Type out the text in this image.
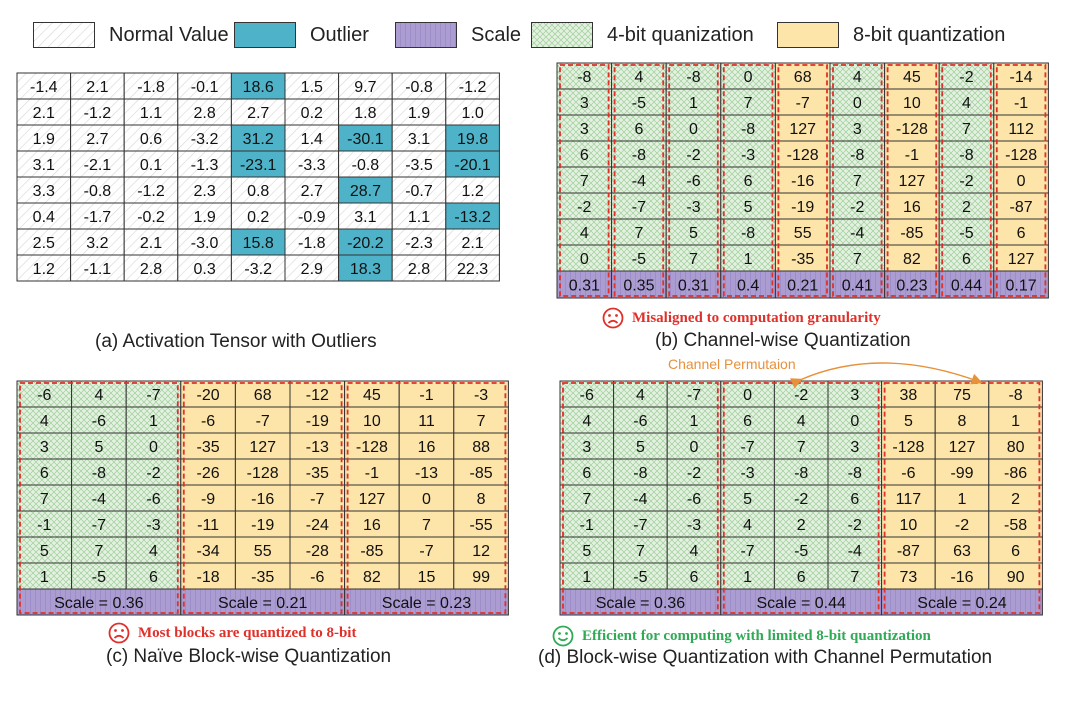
-1.4 2.1 -1.8 -0.1 18.6 1.5 9.7 -0.8 -1.2
2.1 -1.2 1.1 2.8 2.7 0.2 1.8 1.9 1.0
1.9 2.7 0.6 -3.2 31.2 1.4 -30.1 3.1 19.8
3.1 -2.1 0.1 -1.3 -23.1 -3.3 -0.8 -3.5 -20.1
3.3 -0.8 -1.2 2.3 0.8 2.7 28.7 -0.7 1.2
0.4 -1.7 -0.2 1.9 0.2 -0.9 3.1 1.1 -13.2
2.5 3.2 2.1 -3.0 15.8 -1.8 -20.2 -2.3 2.1
1.2 -1.1 2.8 0.3 -3.2 2.9 18.3 2.8 22.3
-8	4	-8	0	68	4	45 -2 -14
3	-5	1	7	-7	0	10	4	-1
3	6	0	-8 127 3 -128 7 112
6	-8	-2	-3 -128 -8	-1	-8 -128
7	-4	-6	6 -16 7 127 -2	0
-2	-7	-3	5 -19 -2 16	2 -87
4	7	5	-8 55 -4 -85 -5	6
0	-5	7	1 -35 7	82	6 127
0.31 0.35 0.31 0.4 0.21 0.41 0.23 0.44 0.17
-6	4	-7 -20 68 -12 45 -1	-3
4	-6	1	-6	-7 -19 10 11	7
3	5	0 -35 127 -13 -128 16 88
6	-8	-2 -26 -128 -35 -1 -13 -85
7	-4	-6	-9 -16 -7 127 0	8
-1	-7	-3 -11 -19 -24 16	7 -55
5	7	4 -34 55 -28 -85 -7 12
1	-5	6 -18 -35 -6 82 15 99
Scale = 0.36	Scale = 0.21	Scale = 0.23
-6	4	-7	0	-2	3	38 75 -8
4	-6	1	6	4	0	5	8	1
3	5	0	-7	7	3 -128 127 80
6	-8 -2 -3 -8 -8 -6 -99 -86
7	-4 -6	5	-2	6 117 1	2
-1 -7 -3	4	2	-2 10 -2 -58
5	7	4	-7 -5 -4 -87 63	6
1	-5	6	1	6	7	73 -16 90
Scale = 0.36	Scale = 0.44	Scale = 0.24
Normal Value	Outlier	Scale	4-bit quanization	8-bit quantization
(a) Activation Tensor with Outliers
Misaligned to computation granularity
(b) Channel-wise Quantization
Channel Permutaion
Most blocks are quantized to 8-bit
(c) Naïve Block-wise Quantization
Efficient for computing with limited 8-bit quantization
(d) Block-wise Quantization with Channel Permutation
